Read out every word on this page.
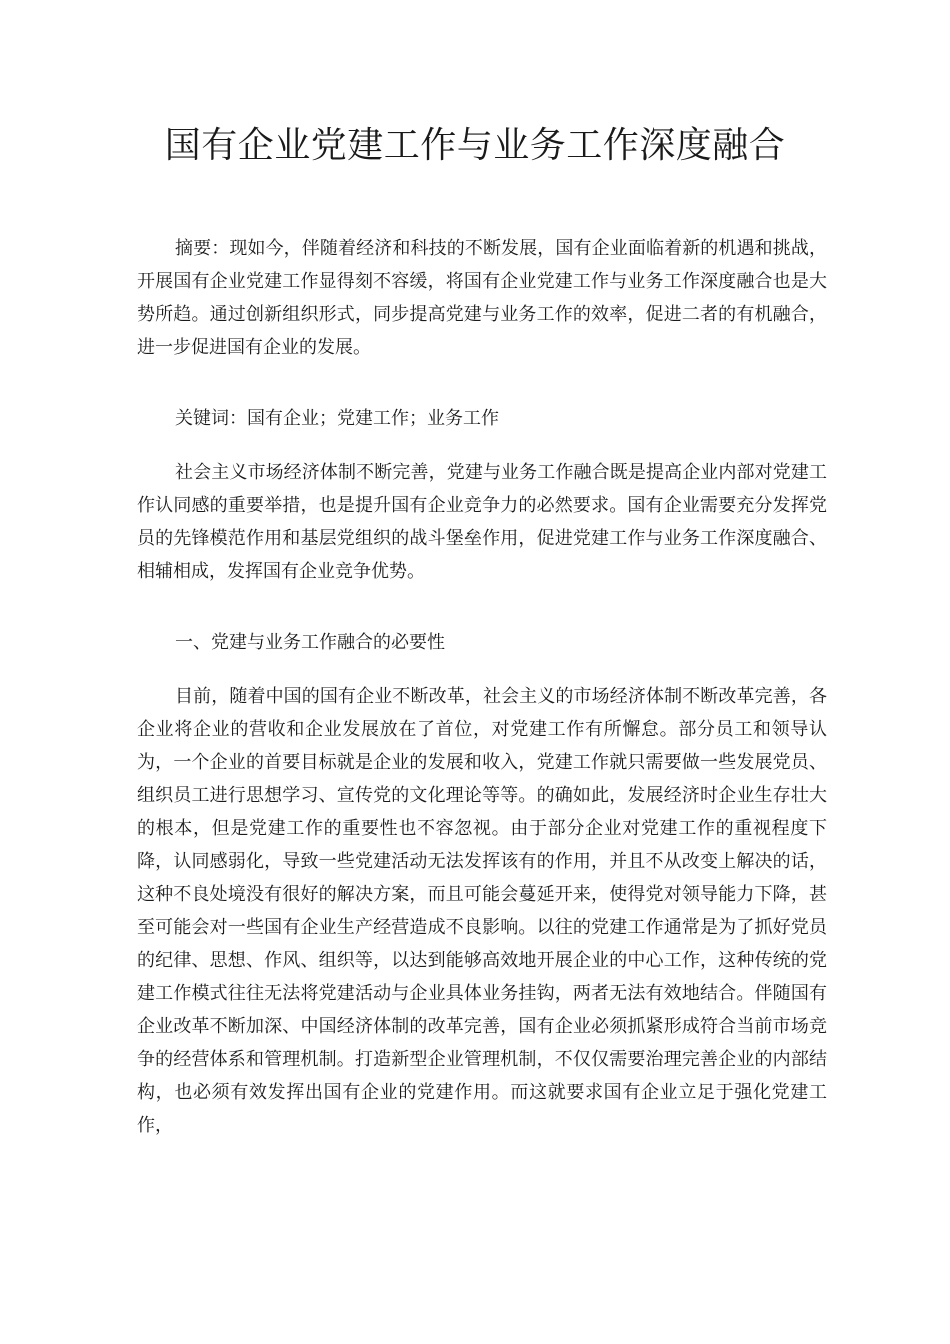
国有企业党建工作与业务工作深度融合

摘要：现如今，伴随着经济和科技的不断发展，国有企业面临着新的机遇和挑战，开展国有企业党建工作显得刻不容缓，将国有企业党建工作与业务工作深度融合也是大势所趋。通过创新组织形式，同步提高党建与业务工作的效率，促进二者的有机融合，进一步促进国有企业的发展。

关键词：国有企业；党建工作；业务工作

社会主义市场经济体制不断完善，党建与业务工作融合既是提高企业内部对党建工作认同感的重要举措，也是提升国有企业竞争力的必然要求。国有企业需要充分发挥党员的先锋模范作用和基层党组织的战斗堡垒作用，促进党建工作与业务工作深度融合、相辅相成，发挥国有企业竞争优势。

一、党建与业务工作融合的必要性

目前，随着中国的国有企业不断改革，社会主义的市场经济体制不断改革完善，各企业将企业的营收和企业发展放在了首位，对党建工作有所懈怠。部分员工和领导认为，一个企业的首要目标就是企业的发展和收入，党建工作就只需要做一些发展党员、组织员工进行思想学习、宣传党的文化理论等等。的确如此，发展经济时企业生存壮大的根本，但是党建工作的重要性也不容忽视。由于部分企业对党建工作的重视程度下降，认同感弱化，导致一些党建活动无法发挥该有的作用，并且不从改变上解决的话，这种不良处境没有很好的解决方案，而且可能会蔓延开来，使得党对领导能力下降，甚至可能会对一些国有企业生产经营造成不良影响。以往的党建工作通常是为了抓好党员的纪律、思想、作风、组织等，以达到能够高效地开展企业的中心工作，这种传统的党建工作模式往往无法将党建活动与企业具体业务挂钩，两者无法有效地结合。伴随国有企业改革不断加深、中国经济体制的改革完善，国有企业必须抓紧形成符合当前市场竞争的经营体系和管理机制。打造新型企业管理机制，不仅仅需要治理完善企业的内部结构，也必须有效发挥出国有企业的党建作用。而这就要求国有企业立足于强化党建工作，
